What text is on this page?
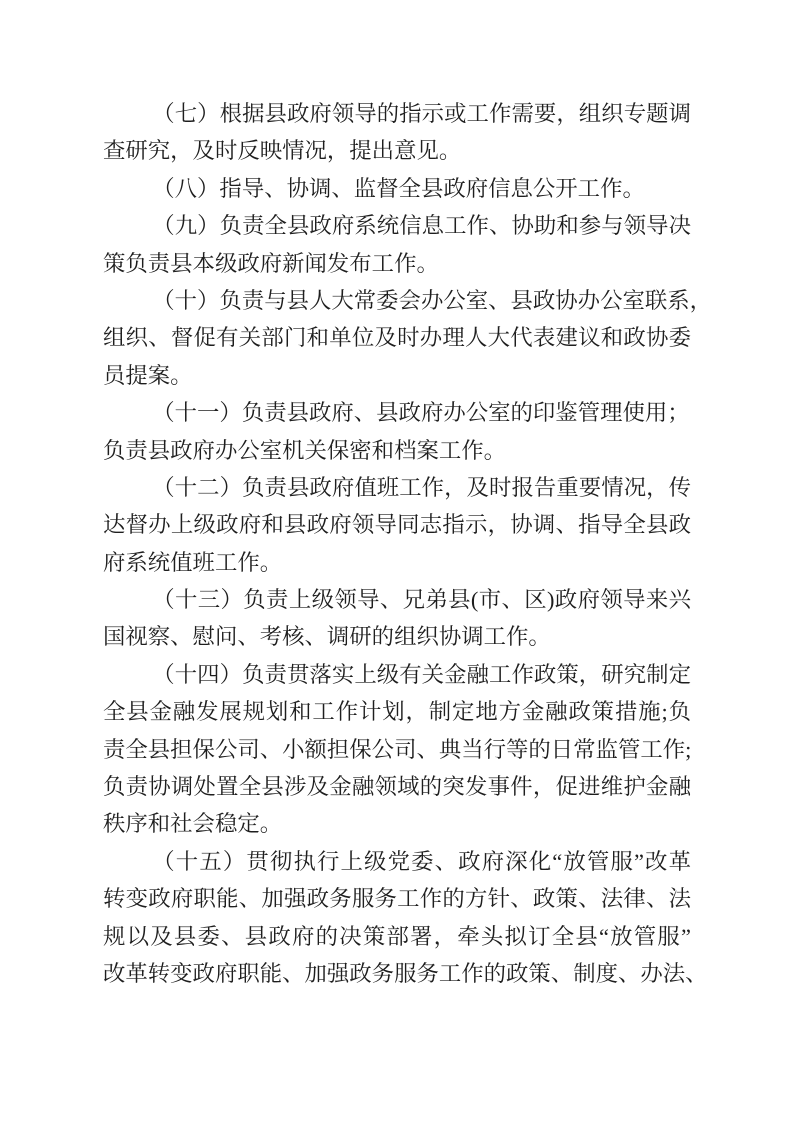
（七）根据县政府领导的指示或工作需要，组织专题调
查研究，及时反映情况，提出意见。
（八）指导、协调、监督全县政府信息公开工作。
（九）负责全县政府系统信息工作、协助和参与领导决
策负责县本级政府新闻发布工作。
（十）负责与县人大常委会办公室、县政协办公室联系，
组织、督促有关部门和单位及时办理人大代表建议和政协委
员提案。
（十一）负责县政府、县政府办公室的印鉴管理使用；
负责县政府办公室机关保密和档案工作。
（十二）负责县政府值班工作，及时报告重要情况，传
达督办上级政府和县政府领导同志指示，协调、指导全县政
府系统值班工作。
（十三）负责上级领导、兄弟县(市、区)政府领导来兴
国视察、慰问、考核、调研的组织协调工作。
（十四）负责贯落实上级有关金融工作政策，研究制定
全县金融发展规划和工作计划，制定地方金融政策措施;负
责全县担保公司、小额担保公司、典当行等的日常监管工作;
负责协调处置全县涉及金融领域的突发事件，促进维护金融
秩序和社会稳定。
（十五）贯彻执行上级党委、政府深化“放管服”改革
转变政府职能、加强政务服务工作的方针、政策、法律、法
规以及县委、县政府的决策部署，牵头拟订全县“放管服”
改革转变政府职能、加强政务服务工作的政策、制度、办法、
